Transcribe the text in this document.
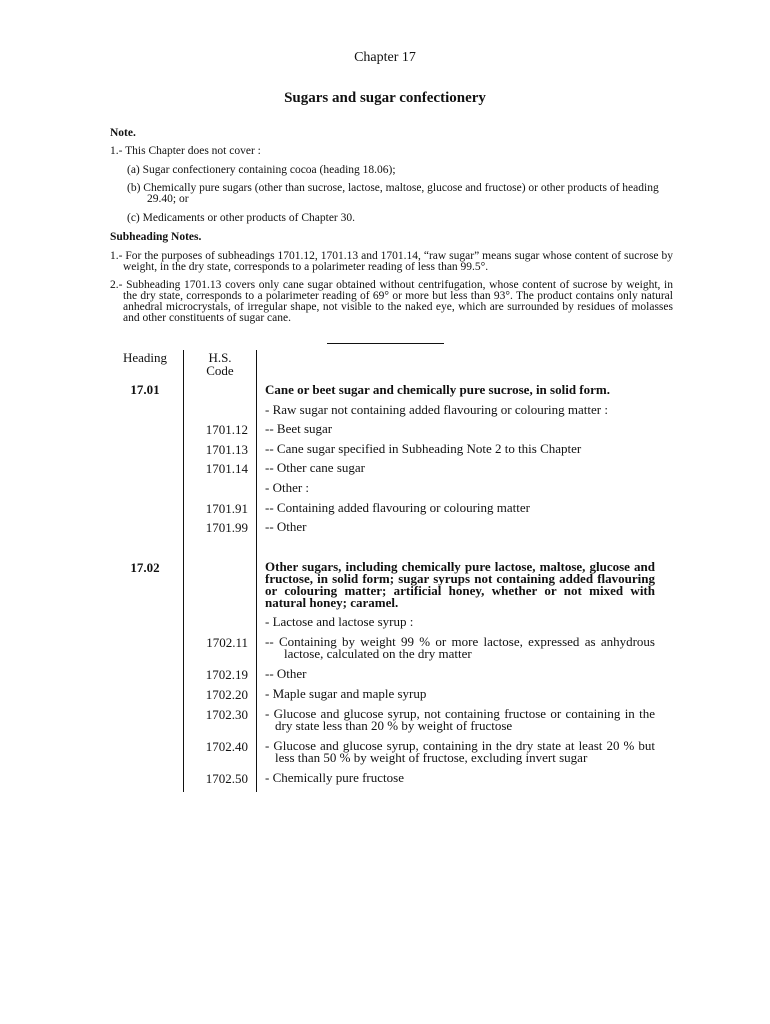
Chapter 17
Sugars and sugar confectionery
Note.
1.- This Chapter does not cover :
(a) Sugar confectionery containing cocoa (heading 18.06);
(b) Chemically pure sugars (other than sucrose, lactose, maltose, glucose and fructose) or other products of heading 29.40; or
(c) Medicaments or other products of Chapter 30.
Subheading Notes.
1.- For the purposes of subheadings 1701.12, 1701.13 and 1701.14, “raw sugar” means sugar whose content of sucrose by weight, in the dry state, corresponds to a polarimeter reading of less than 99.5°.
2.- Subheading 1701.13 covers only cane sugar obtained without centrifugation, whose content of sucrose by weight, in the dry state, corresponds to a polarimeter reading of 69° or more but less than 93°. The product contains only natural anhedral microcrystals, of irregular shape, not visible to the naked eye, which are surrounded by residues of molasses and other constituents of sugar cane.
Heading	H.S.
Code
17.01	Cane or beet sugar and chemically pure sucrose, in solid form.
- Raw sugar not containing added flavouring or colouring matter :
1701.12 -- Beet sugar
1701.13 -- Cane sugar specified in Subheading Note 2 to this Chapter
1701.14 -- Other cane sugar
- Other :
1701.91 -- Containing added flavouring or colouring matter
1701.99 -- Other
17.02	Other sugars, including chemically pure lactose, maltose, glucose and fructose, in solid form; sugar syrups not containing added flavouring or colouring matter; artificial honey, whether or not mixed with natural honey; caramel.
- Lactose and lactose syrup :
1702.11 -- Containing by weight 99 % or more lactose, expressed as anhydrous lactose, calculated on the dry matter
1702.19 -- Other
1702.20 - Maple sugar and maple syrup
1702.30 - Glucose and glucose syrup, not containing fructose or containing in the dry state less than 20 % by weight of fructose
1702.40 - Glucose and glucose syrup, containing in the dry state at least 20 % but less than 50 % by weight of fructose, excluding invert sugar
1702.50 - Chemically pure fructose
